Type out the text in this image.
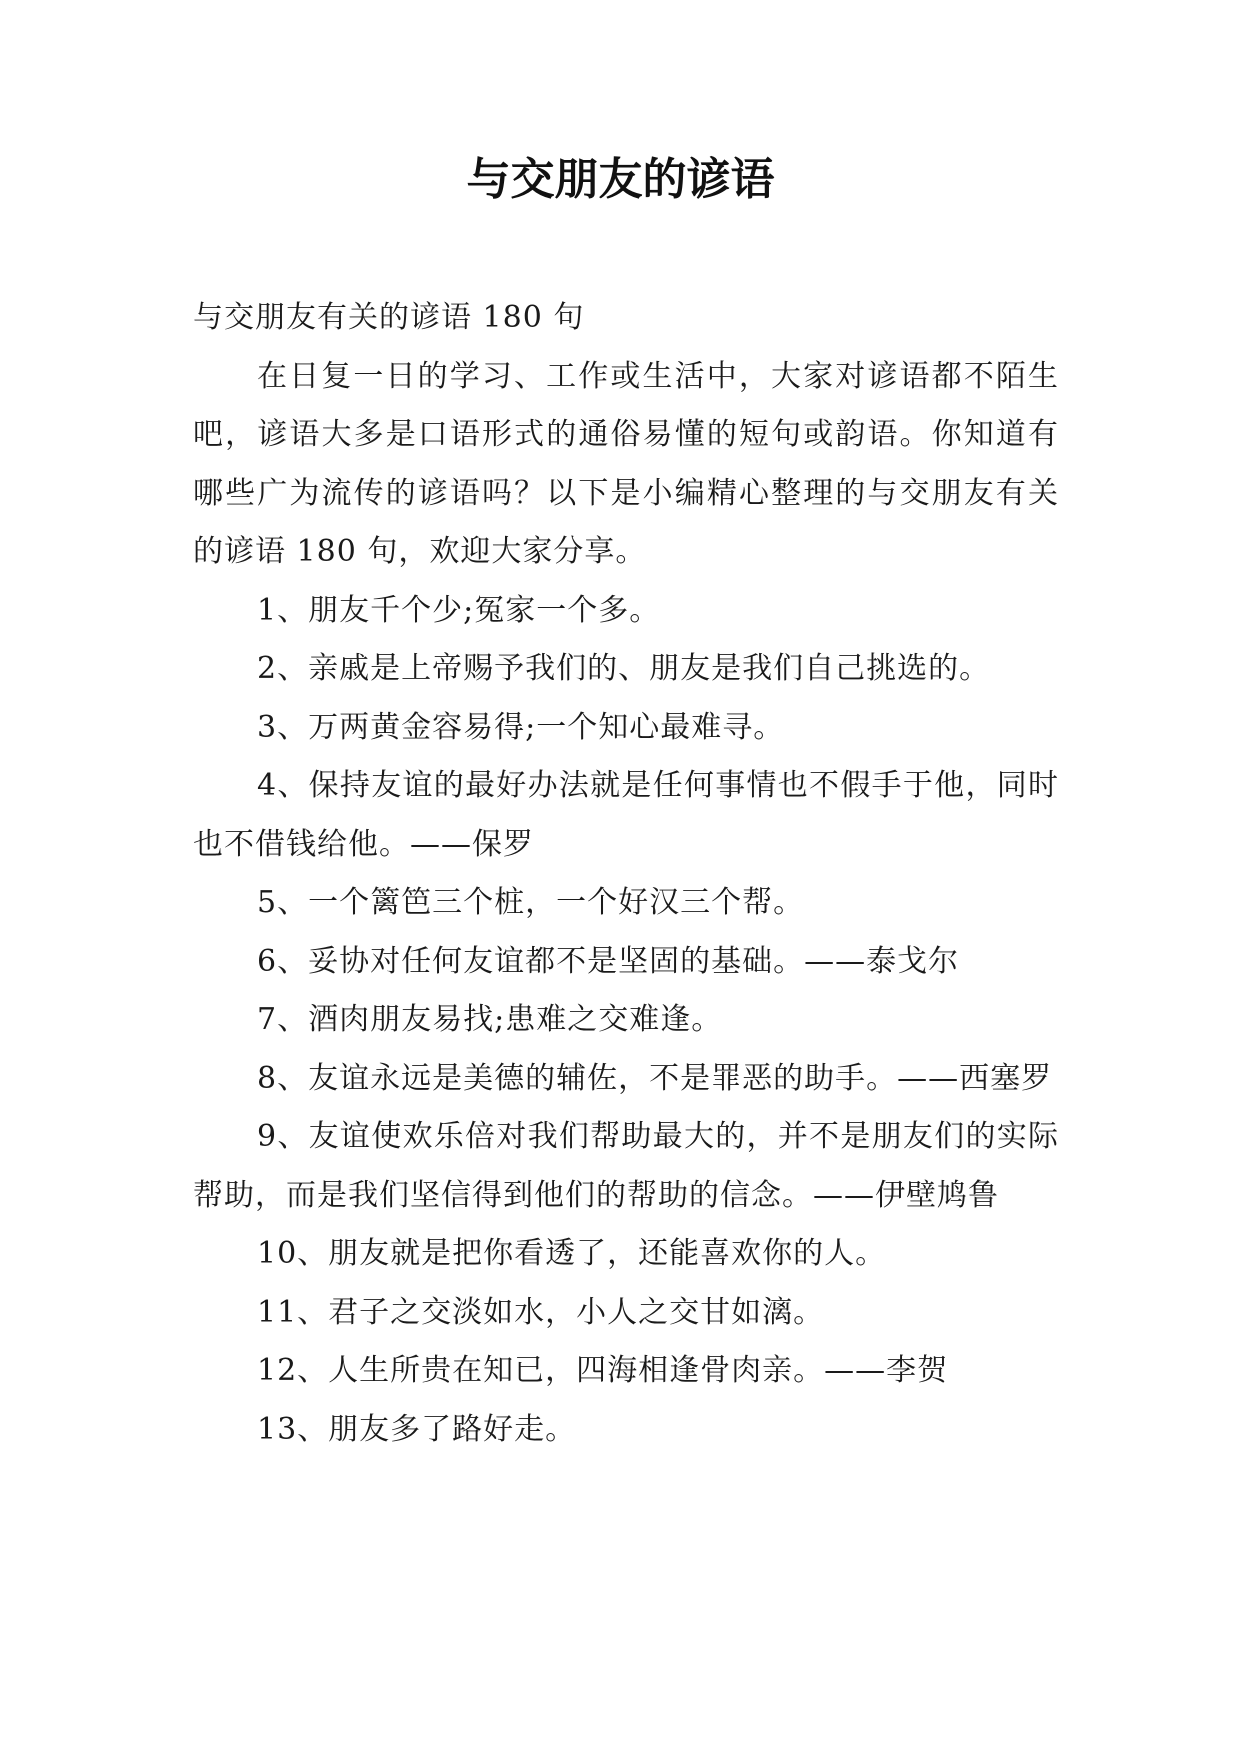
与交朋友的谚语

与交朋友有关的谚语 180 句

在日复一日的学习、工作或生活中，大家对谚语都不陌生吧，谚语大多是口语形式的通俗易懂的短句或韵语。你知道有哪些广为流传的谚语吗？以下是小编精心整理的与交朋友有关的谚语 180 句，欢迎大家分享。

1、朋友千个少;冤家一个多。

2、亲戚是上帝赐予我们的、朋友是我们自己挑选的。

3、万两黄金容易得;一个知心最难寻。

4、保持友谊的最好办法就是任何事情也不假手于他，同时也不借钱给他。——保罗

5、一个篱笆三个桩，一个好汉三个帮。

6、妥协对任何友谊都不是坚固的基础。——泰戈尔

7、酒肉朋友易找;患难之交难逢。

8、友谊永远是美德的辅佐，不是罪恶的助手。——西塞罗

9、友谊使欢乐倍对我们帮助最大的，并不是朋友们的实际帮助，而是我们坚信得到他们的帮助的信念。——伊壁鸠鲁

10、朋友就是把你看透了，还能喜欢你的人。

11、君子之交淡如水，小人之交甘如漓。

12、人生所贵在知已，四海相逢骨肉亲。——李贺

13、朋友多了路好走。
